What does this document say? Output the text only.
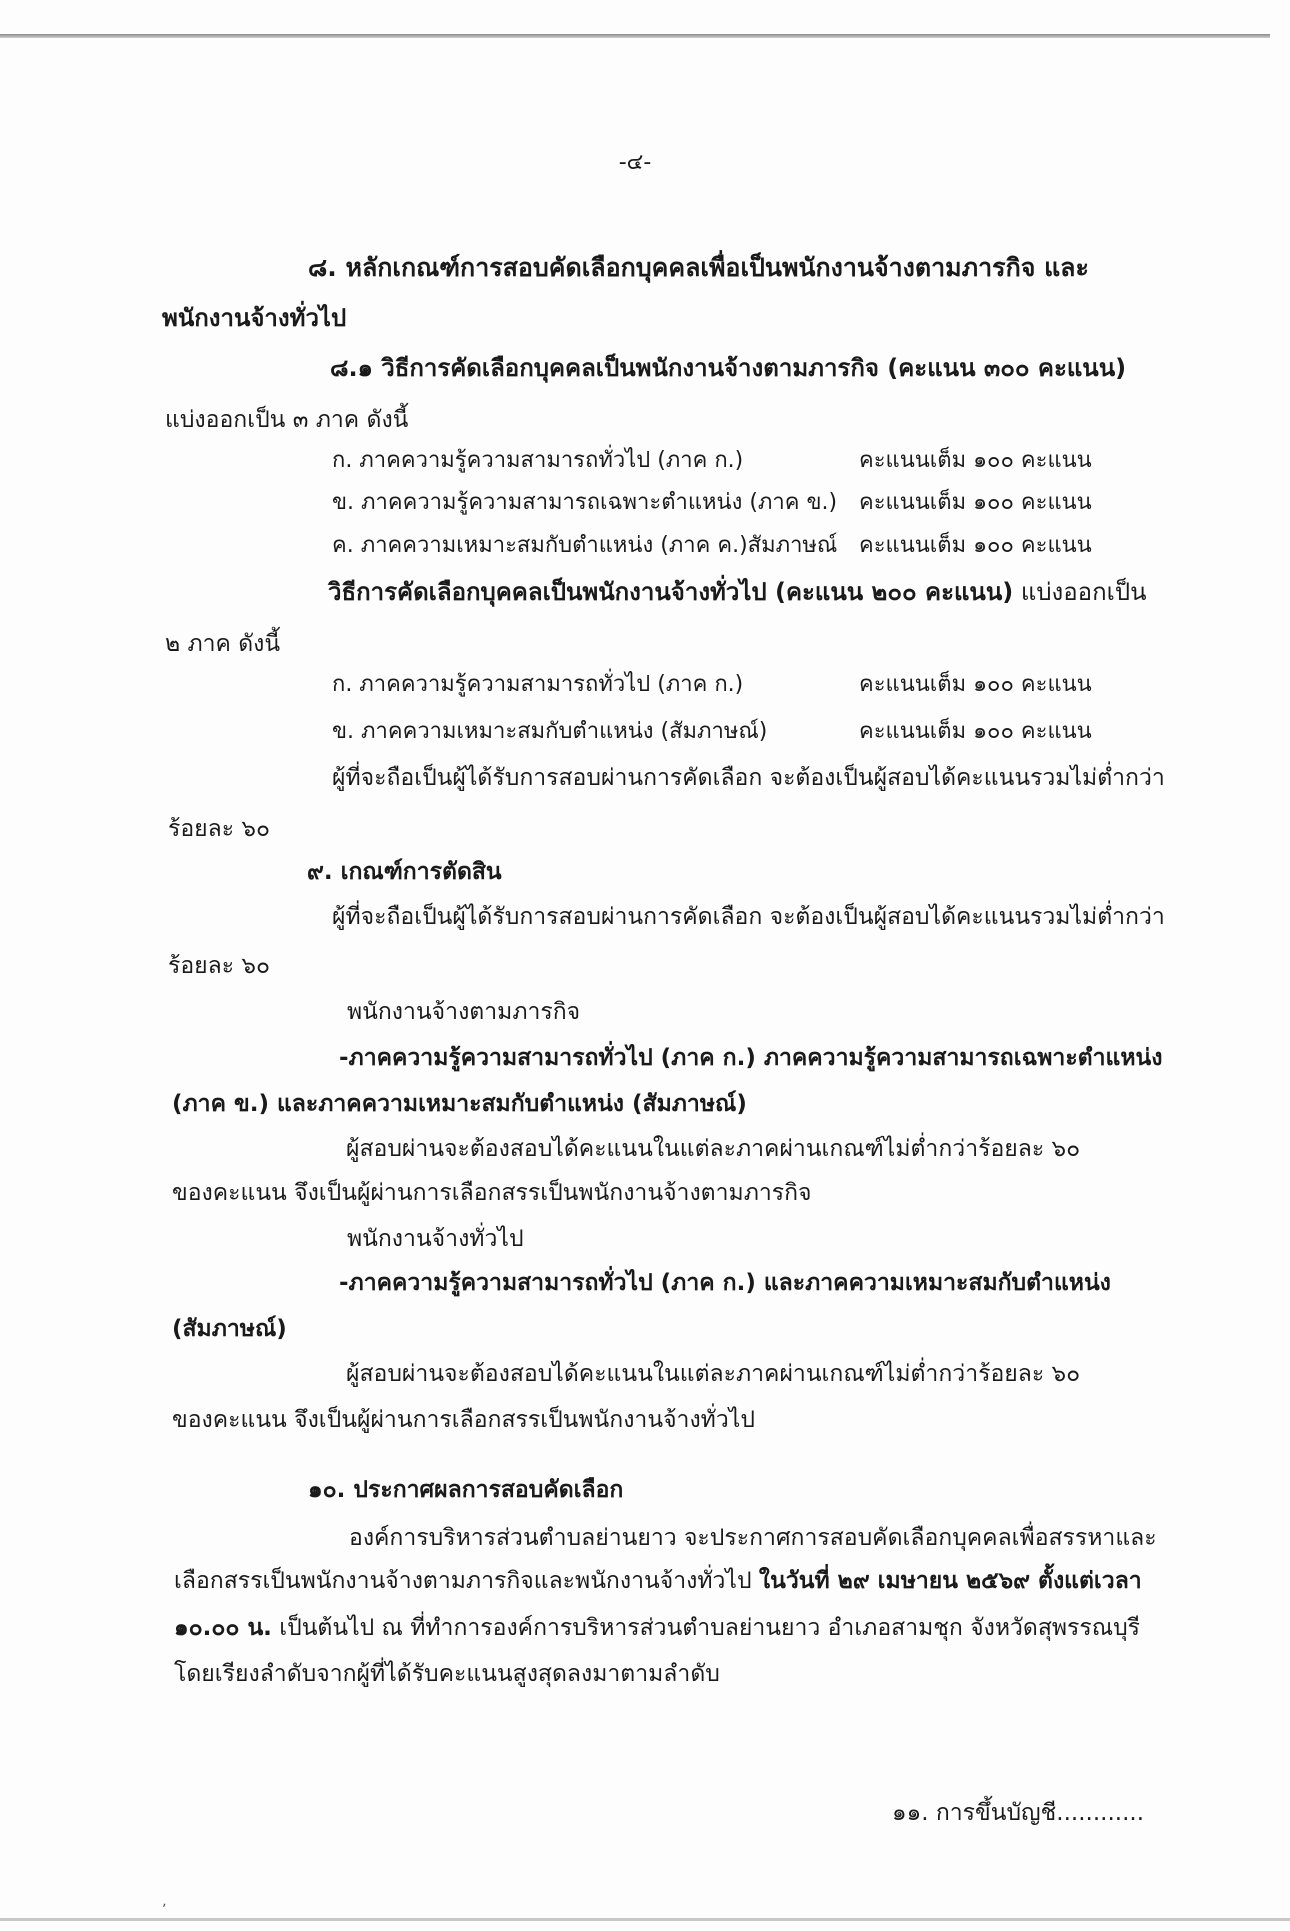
-๔-
๘. หลักเกณฑ์การสอบคัดเลือกบุคคลเพื่อเป็นพนักงานจ้างตามภารกิจ และ
พนักงานจ้างทั่วไป
๘.๑ วิธีการคัดเลือกบุคคลเป็นพนักงานจ้างตามภารกิจ (คะแนน ๓๐๐ คะแนน)
แบ่งออกเป็น ๓ ภาค ดังนี้
ก. ภาคความรู้ความสามารถทั่วไป (ภาค ก.)	คะแนนเต็ม ๑๐๐ คะแนน
ข. ภาคความรู้ความสามารถเฉพาะตำแหน่ง (ภาค ข.) คะแนนเต็ม ๑๐๐ คะแนน
ค. ภาคความเหมาะสมกับตำแหน่ง (ภาค ค.)สัมภาษณ์ คะแนนเต็ม ๑๐๐ คะแนน
วิธีการคัดเลือกบุคคลเป็นพนักงานจ้างทั่วไป (คะแนน ๒๐๐ คะแนน) แบ่งออกเป็น
๒ ภาค ดังนี้
ก. ภาคความรู้ความสามารถทั่วไป (ภาค ก.)	คะแนนเต็ม ๑๐๐ คะแนน
ข. ภาคความเหมาะสมกับตำแหน่ง (สัมภาษณ์)	คะแนนเต็ม ๑๐๐ คะแนน
ผู้ที่จะถือเป็นผู้ได้รับการสอบผ่านการคัดเลือก จะต้องเป็นผู้สอบได้คะแนนรวมไม่ต่ำกว่า
ร้อยละ ๖๐
๙. เกณฑ์การตัดสิน
ผู้ที่จะถือเป็นผู้ได้รับการสอบผ่านการคัดเลือก จะต้องเป็นผู้สอบได้คะแนนรวมไม่ต่ำกว่า
ร้อยละ ๖๐
พนักงานจ้างตามภารกิจ
-ภาคความรู้ความสามารถทั่วไป (ภาค ก.) ภาคความรู้ความสามารถเฉพาะตำแหน่ง
(ภาค ข.) และภาคความเหมาะสมกับตำแหน่ง (สัมภาษณ์)
ผู้สอบผ่านจะต้องสอบได้คะแนนในแต่ละภาคผ่านเกณฑ์ไม่ต่ำกว่าร้อยละ ๖๐
ของคะแนน จึงเป็นผู้ผ่านการเลือกสรรเป็นพนักงานจ้างตามภารกิจ
พนักงานจ้างทั่วไป
-ภาคความรู้ความสามารถทั่วไป (ภาค ก.) และภาคความเหมาะสมกับตำแหน่ง
(สัมภาษณ์)
ผู้สอบผ่านจะต้องสอบได้คะแนนในแต่ละภาคผ่านเกณฑ์ไม่ต่ำกว่าร้อยละ ๖๐
ของคะแนน จึงเป็นผู้ผ่านการเลือกสรรเป็นพนักงานจ้างทั่วไป
๑๐. ประกาศผลการสอบคัดเลือก
องค์การบริหารส่วนตำบลย่านยาว จะประกาศการสอบคัดเลือกบุคคลเพื่อสรรหาและ
เลือกสรรเป็นพนักงานจ้างตามภารกิจและพนักงานจ้างทั่วไป ในวันที่ ๒๙ เมษายน ๒๕๖๙ ตั้งแต่เวลา
๑๐.๐๐ น. เป็นต้นไป ณ ที่ทำการองค์การบริหารส่วนตำบลย่านยาว อำเภอสามชุก จังหวัดสุพรรณบุรี
โดยเรียงลำดับจากผู้ที่ได้รับคะแนนสูงสุดลงมาตามลำดับ
๑๑. การขึ้นบัญชี............
ʼ
